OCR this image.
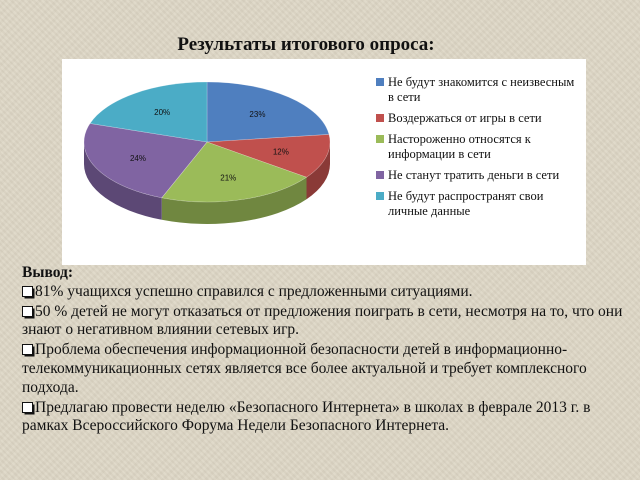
Результаты итогового опроса:
23%
12%
21%
24%
20%
Не будут знакомится с неизвесным в сети
Воздержаться от игры в сети
Настороженно относятся к информации в сети
Не станут тратить деньги в сети
Не будут распространят свои личные данные

Вывод:

81% учащихся успешно справился с предложенными ситуациями.

50 % детей не могут отказаться от предложения поиграть в сети, несмотря на то, что они знают о негативном влиянии сетевых игр.

Проблема обеспечения информационной безопасности детей в информационно-телекоммуникационных сетях является все более актуальной и требует комплексного подхода.

Предлагаю провести неделю «Безопасного Интернета» в школах в феврале 2013 г. в рамках Всероссийского Форума Недели Безопасного Интернета.
